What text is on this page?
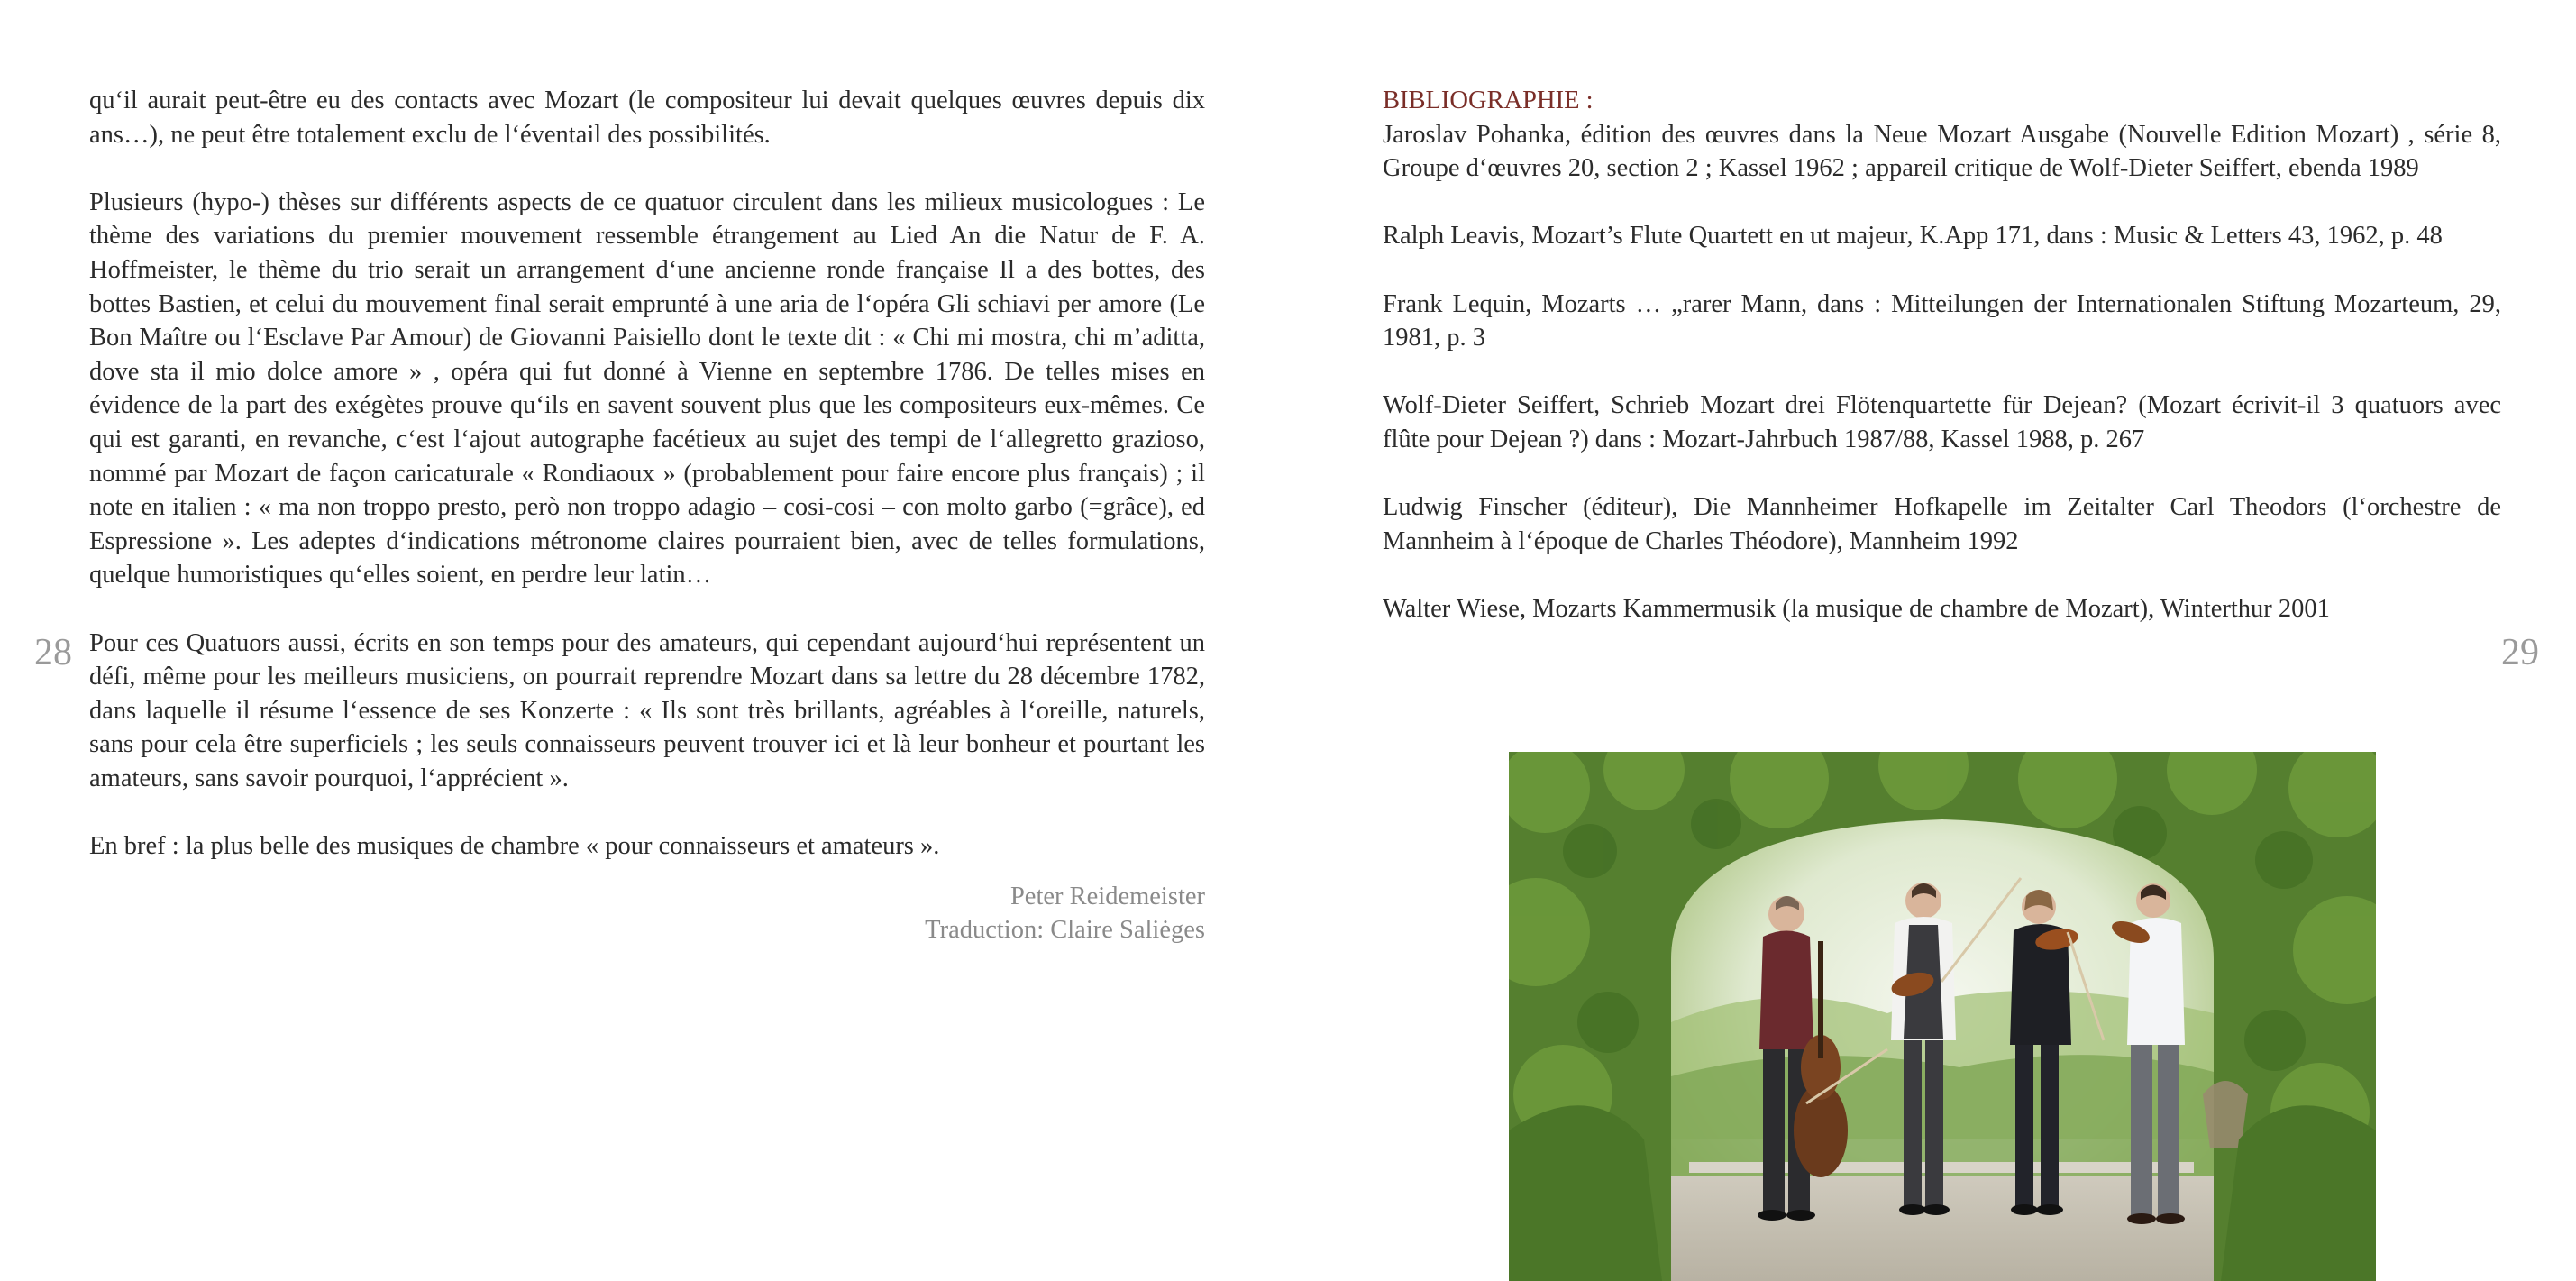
28	29

qu‘il aurait peut-être eu des contacts avec Mozart (le compositeur lui devait quelques œuvres depuis dix ans…), ne peut être totalement exclu de l‘éventail des possibilités.

Plusieurs (hypo-) thèses sur différents aspects de ce quatuor circulent dans les milieux musicologues : Le thème des variations du premier mouvement ressemble étrangement au Lied An die Natur de F. A. Hoffmeister, le thème du trio serait un arrangement d‘une ancienne ronde française Il a des bottes, des bottes Bastien, et celui du mouvement final serait emprunté à une aria de l‘opéra Gli schiavi per amore (Le Bon Maître ou l‘Esclave Par Amour) de Giovanni Paisiello dont le texte dit : « Chi mi mostra, chi m’aditta, dove sta il mio dolce amore » , opéra qui fut donné à Vienne en septembre 1786. De telles mises en évidence de la part des exégètes prouve qu‘ils en savent souvent plus que les compositeurs eux-mêmes. Ce qui est garanti, en revanche, c‘est l‘ajout autographe facétieux au sujet des tempi de l‘allegretto grazioso, nommé par Mozart de façon caricaturale « Rondiaoux » (probablement pour faire encore plus français) ; il note en italien : « ma non troppo presto, però non troppo adagio – cosi-cosi – con molto garbo (=grâce), ed Espressione ». Les adeptes d‘indications métronome claires pourraient bien, avec de telles formulations, quelque humoristiques qu‘elles soient, en perdre leur latin…

Pour ces Quatuors aussi, écrits en son temps pour des amateurs, qui cependant aujourd‘hui représentent un défi, même pour les meilleurs musiciens, on pourrait reprendre Mozart dans sa lettre du 28 décembre 1782, dans laquelle il résume l‘essence de ses Konzerte : « Ils sont très brillants, agréables à l‘oreille, naturels, sans pour cela être superficiels ; les seuls connaisseurs peuvent trouver ici et là leur bonheur et pourtant les amateurs, sans savoir pourquoi, l‘apprécient ».

En bref : la plus belle des musiques de chambre « pour connaisseurs et amateurs ».

Peter Reidemeister
Traduction: Claire Saliėges
BIBLIOGRAPHIE :

Jaroslav Pohanka, édition des œuvres dans la Neue Mozart Ausgabe (Nouvelle Edition Mozart) , série 8, Groupe d‘œuvres 20, section 2 ; Kassel 1962 ; appareil critique de Wolf-Dieter Seiffert, ebenda 1989

Ralph Leavis, Mozart’s Flute Quartett en ut majeur, K.App 171, dans : Music & Letters 43, 1962, p. 48

Frank Lequin, Mozarts … „rarer Mann, dans : Mitteilungen der Internationalen Stiftung Mozarteum, 29, 1981, p. 3

Wolf-Dieter Seiffert, Schrieb Mozart drei Flötenquartette für Dejean? (Mozart écrivit-il 3 quatuors avec flûte pour Dejean ?) dans : Mozart-Jahrbuch 1987/88, Kassel 1988, p. 267

Ludwig Finscher (éditeur), Die Mannheimer Hofkapelle im Zeitalter Carl Theodors (l‘orchestre de Mannheim à l‘époque de Charles Théodore), Mannheim 1992

Walter Wiese, Mozarts Kammermusik (la musique de chambre de Mozart), Winterthur 2001
